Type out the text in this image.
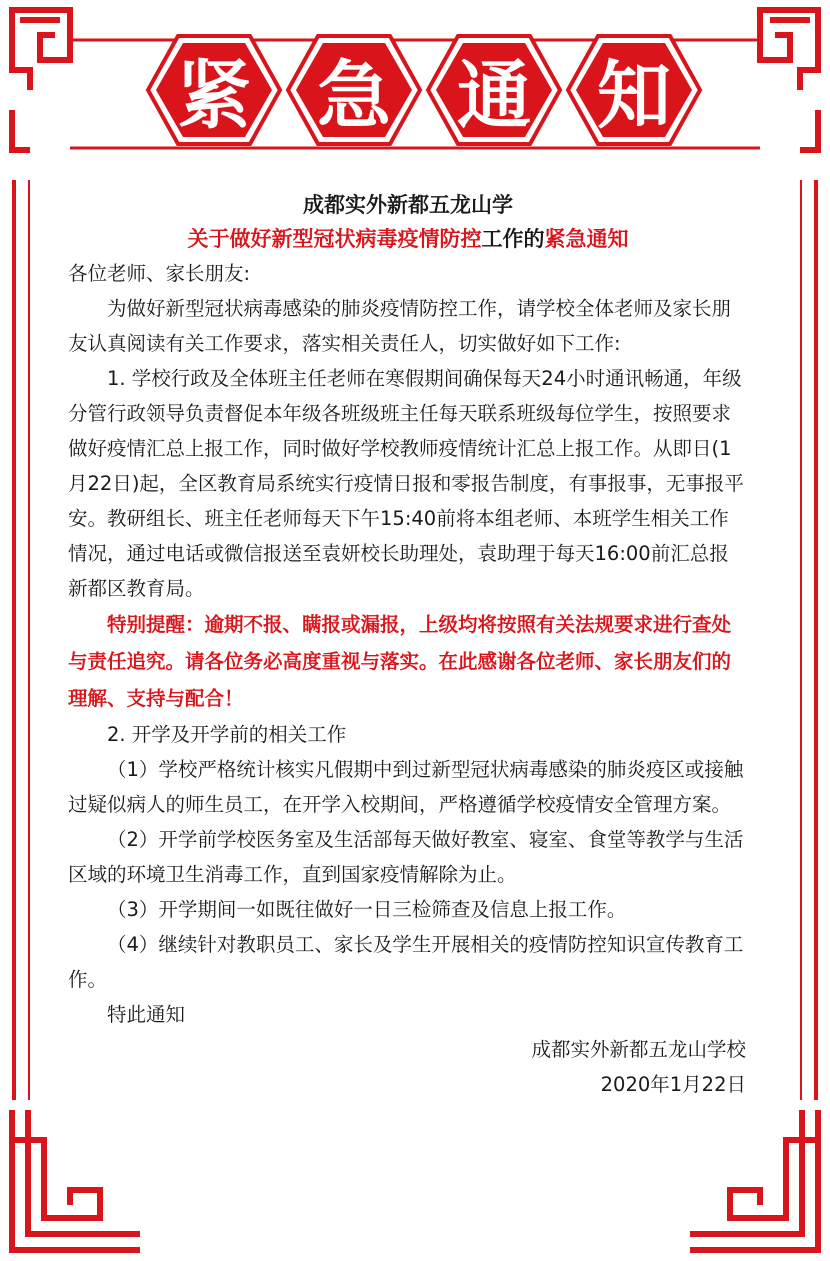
紧 急 通 知

成都实外新都五龙山学

关于做好新型冠状病毒疫情防控工作的紧急通知

各位老师、家长朋友:

为做好新型冠状病毒感染的肺炎疫情防控工作，请学校全体老师及家长朋友认真阅读有关工作要求，落实相关责任人，切实做好如下工作:

1. 学校行政及全体班主任老师在寒假期间确保每天24小时通讯畅通，年级分管行政领导负责督促本年级各班级班主任每天联系班级每位学生，按照要求做好疫情汇总上报工作，同时做好学校教师疫情统计汇总上报工作。从即日(1月22日)起，全区教育局系统实行疫情日报和零报告制度，有事报事，无事报平安。教研组长、班主任老师每天下午15:40前将本组老师、本班学生相关工作情况，通过电话或微信报送至袁妍校长助理处，袁助理于每天16:00前汇总报新都区教育局。

特别提醒：逾期不报、瞒报或漏报，上级均将按照有关法规要求进行查处与责任追究。请各位务必高度重视与落实。在此感谢各位老师、家长朋友们的理解、支持与配合！

2. 开学及开学前的相关工作

（1）学校严格统计核实凡假期中到过新型冠状病毒感染的肺炎疫区或接触过疑似病人的师生员工，在开学入校期间，严格遵循学校疫情安全管理方案。

（2）开学前学校医务室及生活部每天做好教室、寝室、食堂等教学与生活区域的环境卫生消毒工作，直到国家疫情解除为止。

（3）开学期间一如既往做好一日三检筛查及信息上报工作。

（4）继续针对教职员工、家长及学生开展相关的疫情防控知识宣传教育工作。

特此通知

成都实外新都五龙山学校

2020年1月22日
